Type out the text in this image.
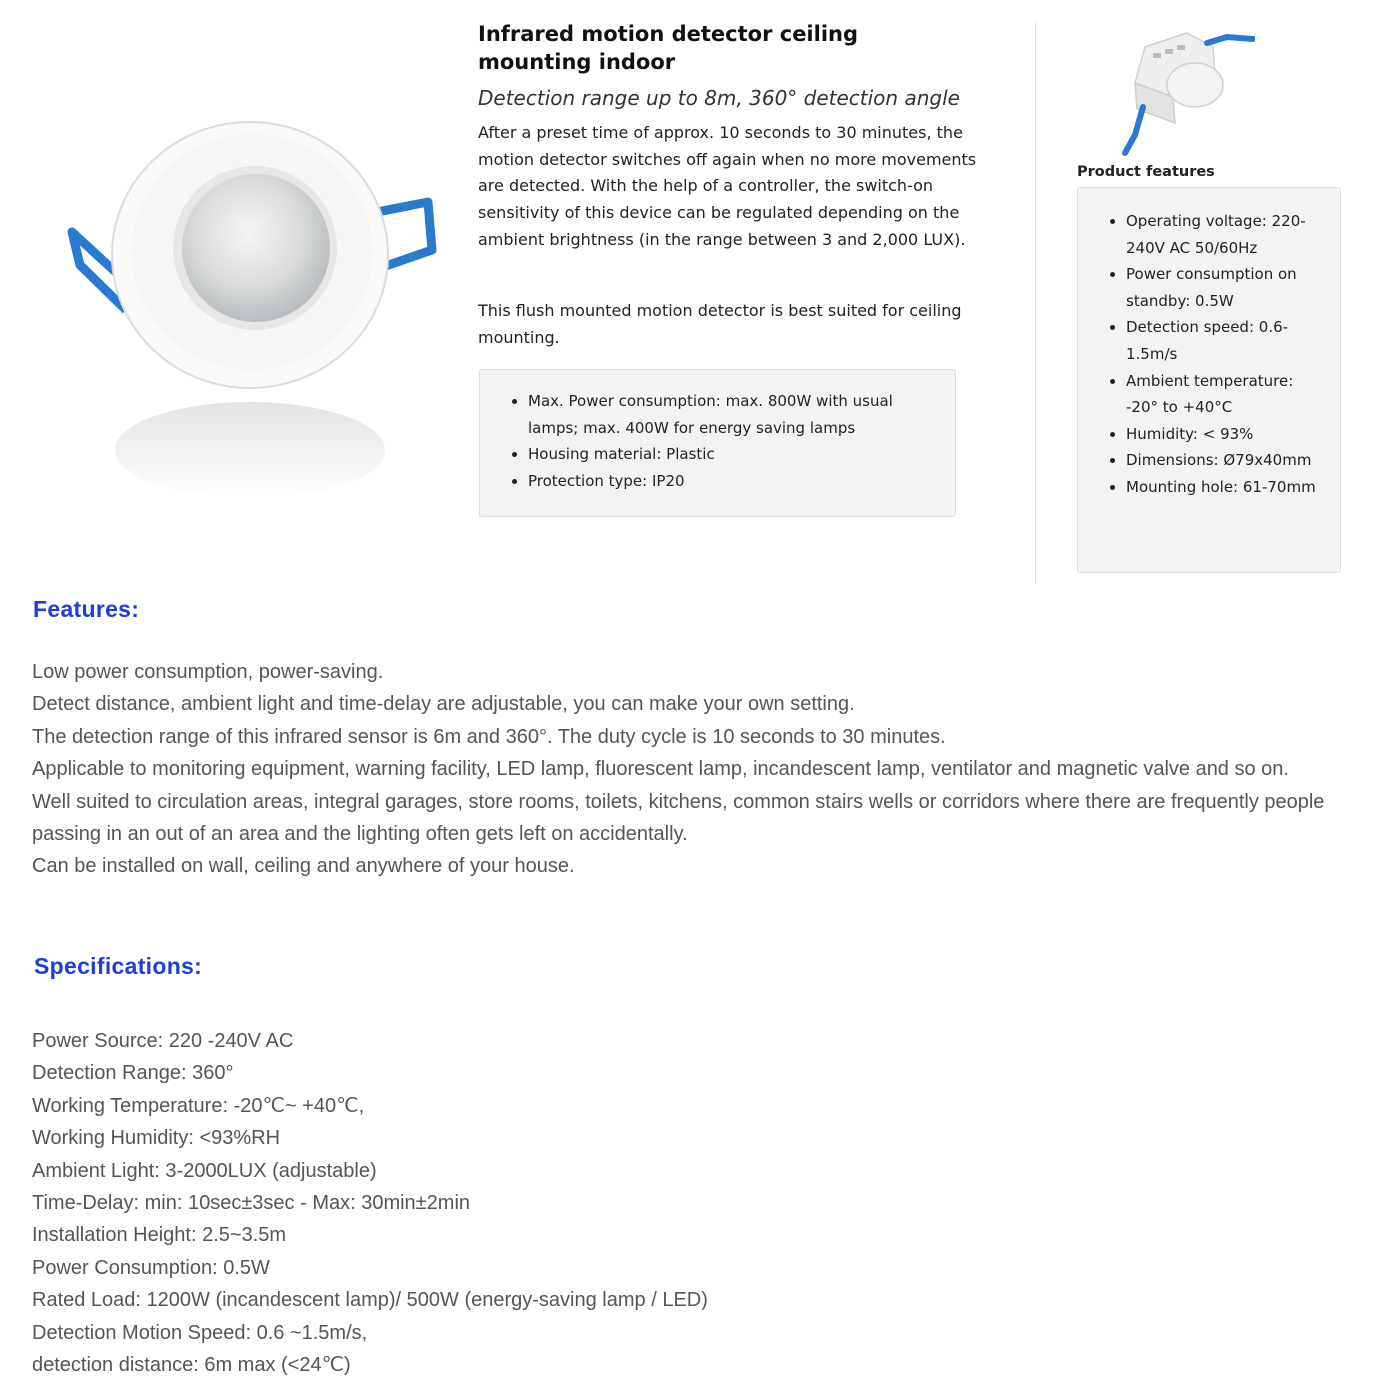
Infrared motion detector ceiling mounting indoor
Detection range up to 8m, 360° detection angle
After a preset time of approx. 10 seconds to 30 minutes, the motion detector switches off again when no more movements are detected. With the help of a controller, the switch-on sensitivity of this device can be regulated depending on the ambient brightness (in the range between 3 and 2,000 LUX).
This flush mounted motion detector is best suited for ceiling mounting.
• Max. Power consumption: max. 800W with usual lamps; max. 400W for energy saving lamps
• Housing material: Plastic
• Protection type: IP20
Product features
• Operating voltage: 220-240V AC 50/60Hz
• Power consumption on standby: 0.5W
• Detection speed: 0.6-1.5m/s
• Ambient temperature: -20° to +40°C
• Humidity: < 93%
• Dimensions: Ø79x40mm
• Mounting hole: 61-70mm
Features:
Low power consumption, power-saving.
Detect distance, ambient light and time-delay are adjustable, you can make your own setting.
The detection range of this infrared sensor is 6m and 360°. The duty cycle is 10 seconds to 30 minutes.
Applicable to monitoring equipment, warning facility, LED lamp, fluorescent lamp, incandescent lamp, ventilator and magnetic valve and so on.
Well suited to circulation areas, integral garages, store rooms, toilets, kitchens, common stairs wells or corridors where there are frequently people passing in an out of an area and the lighting often gets left on accidentally.
Can be installed on wall, ceiling and anywhere of your house.
Specifications:
Power Source: 220 -240V AC
Detection Range: 360°
Working Temperature: -20℃~ +40℃,
Working Humidity: <93%RH
Ambient Light: 3-2000LUX (adjustable)
Time-Delay: min: 10sec±3sec - Max: 30min±2min
Installation Height: 2.5~3.5m
Power Consumption: 0.5W
Rated Load: 1200W (incandescent lamp)/ 500W (energy-saving lamp / LED)
Detection Motion Speed: 0.6 ~1.5m/s,
detection distance: 6m max (<24℃)
